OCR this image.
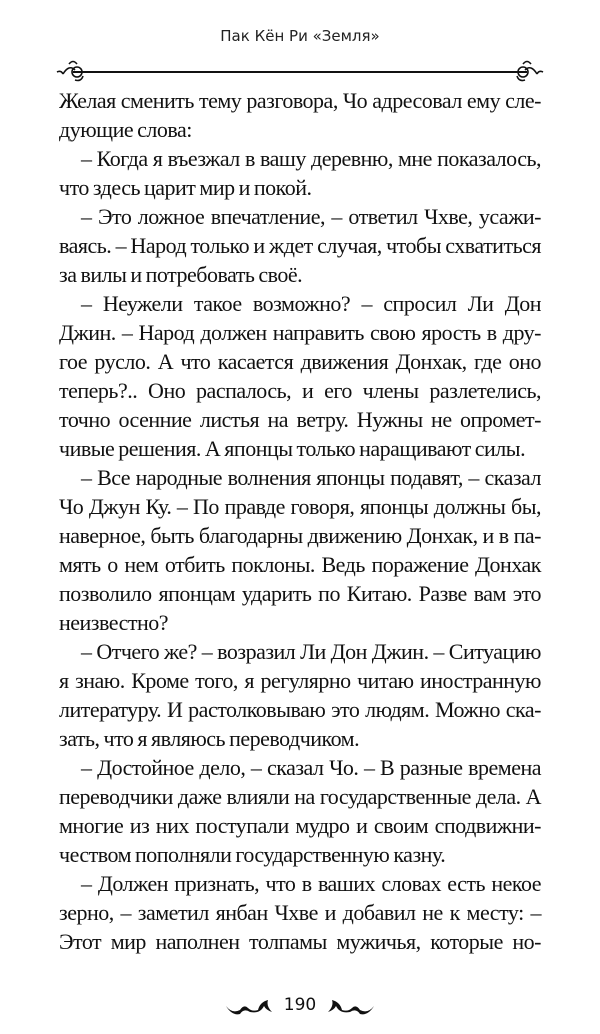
Пак Кён Ри «Земля»
Желая сменить тему разговора, Чо адресовал ему сле-
дующие слова:
– Когда я въезжал в вашу деревню, мне показалось,
что здесь царит мир и покой.
– Это ложное впечатление, – ответил Чхве, усажи-
ваясь. – Народ только и ждет случая, чтобы схватиться
за вилы и потребовать своё.
– Неужели такое возможно? – спросил Ли Дон
Джин. – Народ должен направить свою ярость в дру-
гое русло. А что касается движения Донхак, где оно
теперь?.. Оно распалось, и его члены разлетелись,
точно осенние листья на ветру. Нужны не опромет-
чивые решения. А японцы только наращивают силы.
– Все народные волнения японцы подавят, – сказал
Чо Джун Ку. – По правде говоря, японцы должны бы,
наверное, быть благодарны движению Донхак, и в па-
мять о нем отбить поклоны. Ведь поражение Донхак
позволило японцам ударить по Китаю. Разве вам это
неизвестно?
– Отчего же? – возразил Ли Дон Джин. – Ситуацию
я знаю. Кроме того, я регулярно читаю иностранную
литературу. И растолковываю это людям. Можно ска-
зать, что я являюсь переводчиком.
– Достойное дело, – сказал Чо. – В разные времена
переводчики даже влияли на государственные дела. А
многие из них поступали мудро и своим сподвижни-
чеством пополняли государственную казну.
– Должен признать, что в ваших словах есть некое
зерно, – заметил янбан Чхве и добавил не к месту: –
Этот мир наполнен толпамы мужичья, которые но-
190
